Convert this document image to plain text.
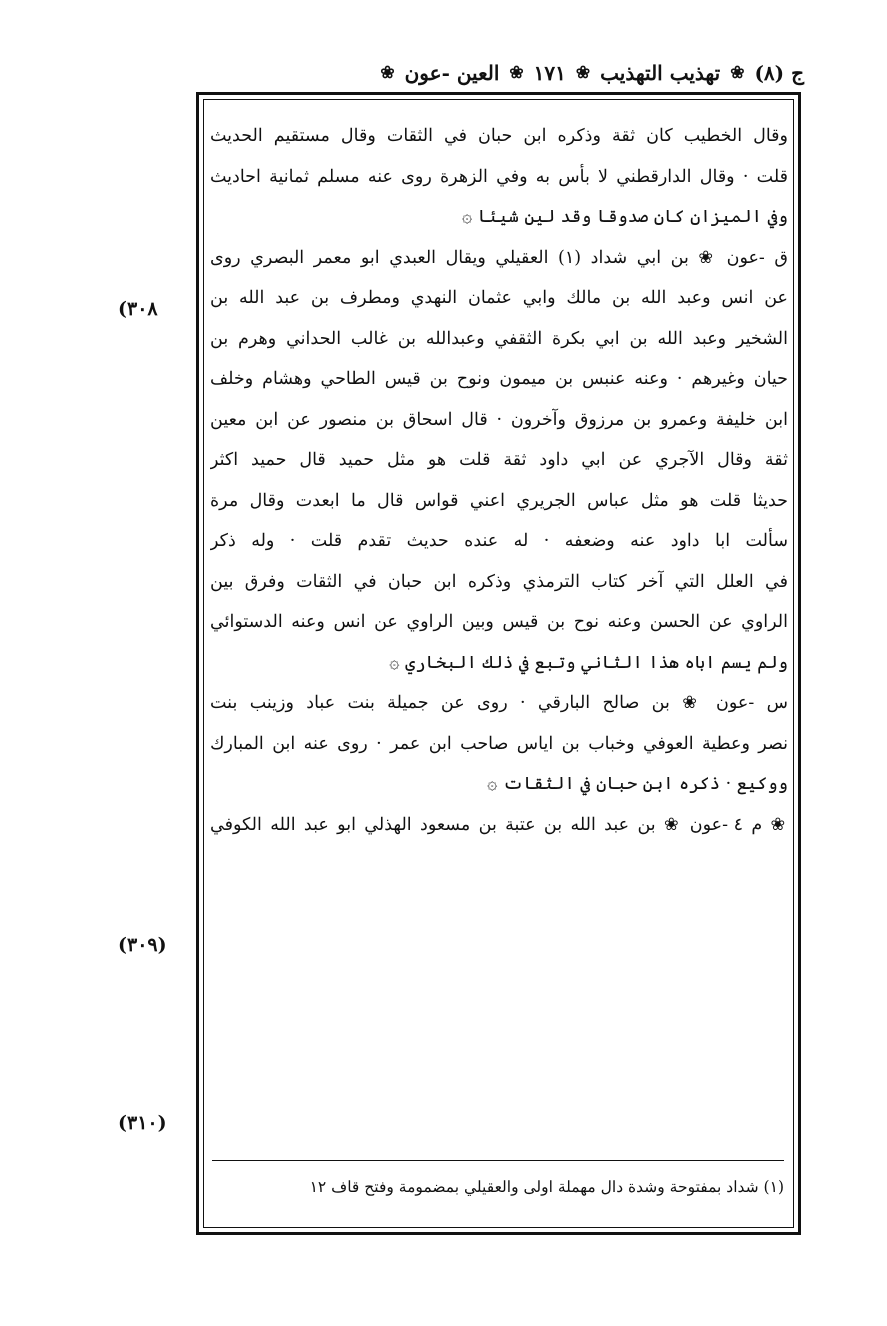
ج (٨)
❀
تهذيب التهذيب
❀
١٧١
❀
العين -عون
❀
وقال الخطيب كان ثقة وذكره ابن حبان في الثقات وقال مستقيم الحديث
قلت · وقال الدارقطني لا بأس به وفي الزهرة روى عنه مسلم ثمانية احاديث
وفي الميزان كان صدوقا وقد لين شيئا ۞
ق -عون ❀ بن ابي شداد (١) العقيلي ويقال العبدي ابو معمر البصري روى
عن انس وعبد الله بن مالك وابي عثمان النهدي ومطرف بن عبد الله بن
الشخير وعبد الله بن ابي بكرة الثقفي وعبدالله بن غالب الحداني وهرم بن
حيان وغيرهم · وعنه عنبس بن ميمون ونوح بن قيس الطاحي وهشام وخلف
ابن خليفة وعمرو بن مرزوق وآخرون · قال اسحاق بن منصور عن ابن معين
ثقة وقال الآجري عن ابي داود ثقة قلت هو مثل حميد قال حميد اكثر
حديثا قلت هو مثل عباس الجريري اعني قواس قال ما ابعدت وقال مرة
سألت ابا داود عنه وضعفه · له عنده حديث تقدم قلت · وله ذكر
في العلل التي آخر كتاب الترمذي وذكره ابن حبان في الثقات وفرق بين
الراوي عن الحسن وعنه نوح بن قيس وبين الراوي عن انس وعنه الدستوائي
ولم يسم اباه هذا الثاني وتبع في ذلك البخاري ۞
س -عون ❀ بن صالح البارقي · روى عن جميلة بنت عباد وزينب بنت
نصر وعطية العوفي وخباب بن اياس صاحب ابن عمر · روى عنه ابن المبارك
ووكيع · ذكره ابن حبان في الثقات ۞
❀ م ٤ -عون ❀ بن عبد الله بن عتبة بن مسعود الهذلي ابو عبد الله الكوفي
(٣٠٨
(٣٠٩)
(٣١٠)
(١) شداد بمفتوحة وشدة دال مهملة اولى والعقيلي بمضمومة وفتح قاف ١٢
